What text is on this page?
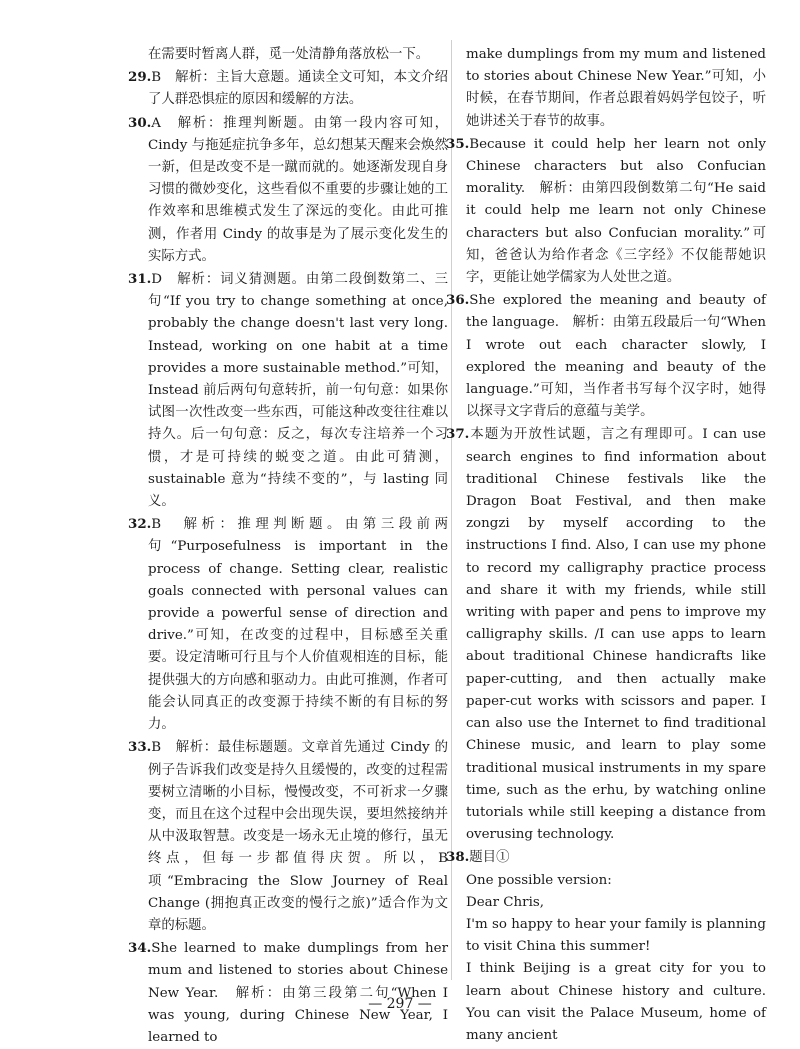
在需要时暂离人群，觅一处清静角落放松一下。

29.B　解析：主旨大意题。通读全文可知，本文介绍了人群恐惧症的原因和缓解的方法。

30.A　解析：推理判断题。由第一段内容可知，Cindy 与拖延症抗争多年，总幻想某天醒来会焕然一新，但是改变不是一蹴而就的。她逐渐发现自身习惯的微妙变化，这些看似不重要的步骤让她的工作效率和思维模式发生了深远的变化。由此可推测，作者用 Cindy 的故事是为了展示变化发生的实际方式。

31.D　解析：词义猜测题。由第二段倒数第二、三句“If you try to change something at once, probably the change doesn't last very long. Instead, working on one habit at a time provides a more sustainable method.”可知，Instead 前后两句句意转折，前一句句意：如果你试图一次性改变一些东西，可能这种改变往往难以持久。后一句句意：反之，每次专注培养一个习惯，才是可持续的蜕变之道。由此可猜测，sustainable 意为“持续不变的”，与 lasting 同义。

32.B　解析：推理判断题。由第三段前两句“Purposefulness is important in the process of change. Setting clear, realistic goals connected with personal values can provide a powerful sense of direction and drive.”可知，在改变的过程中，目标感至关重要。设定清晰可行且与个人价值观相连的目标，能提供强大的方向感和驱动力。由此可推测，作者可能会认同真正的改变源于持续不断的有目标的努力。

33.B　解析：最佳标题题。文章首先通过 Cindy 的例子告诉我们改变是持久且缓慢的，改变的过程需要树立清晰的小目标，慢慢改变，不可祈求一夕骤变，而且在这个过程中会出现失误，要坦然接纳并从中汲取智慧。改变是一场永无止境的修行，虽无终点，但每一步都值得庆贺。所以，B 项“Embracing the Slow Journey of Real Change (拥抱真正改变的慢行之旅)”适合作为文章的标题。

34.She learned to make dumplings from her mum and listened to stories about Chinese New Year.　解析：由第三段第二句“When I was young, during Chinese New Year, I learned to

make dumplings from my mum and listened to stories about Chinese New Year.”可知，小时候，在春节期间，作者总跟着妈妈学包饺子，听她讲述关于春节的故事。

35.Because it could help her learn not only Chinese characters but also Confucian morality.　解析：由第四段倒数第二句“He said it could help me learn not only Chinese characters but also Confucian morality.”可知，爸爸认为给作者念《三字经》不仅能帮她识字，更能让她学儒家为人处世之道。

36.She explored the meaning and beauty of the language.　解析：由第五段最后一句“When I wrote out each character slowly, I explored the meaning and beauty of the language.”可知，当作者书写每个汉字时，她得以探寻文字背后的意蕴与美学。

37.本题为开放性试题，言之有理即可。I can use search engines to find information about traditional Chinese festivals like the Dragon Boat Festival, and then make zongzi by myself according to the instructions I find. Also, I can use my phone to record my calligraphy practice process and share it with my friends, while still writing with paper and pens to improve my calligraphy skills. /I can use apps to learn about traditional Chinese handicrafts like paper-cutting, and then actually make paper-cut works with scissors and paper. I can also use the Internet to find traditional Chinese music, and learn to play some traditional musical instruments in my spare time, such as the erhu, by watching online tutorials while still keeping a distance from overusing technology.

38.题目①

One possible version:

Dear Chris,

I'm so happy to hear your family is planning to visit China this summer!

I think Beijing is a great city for you to learn about Chinese history and culture. You can visit the Palace Museum, home of many ancient

— 297 —
